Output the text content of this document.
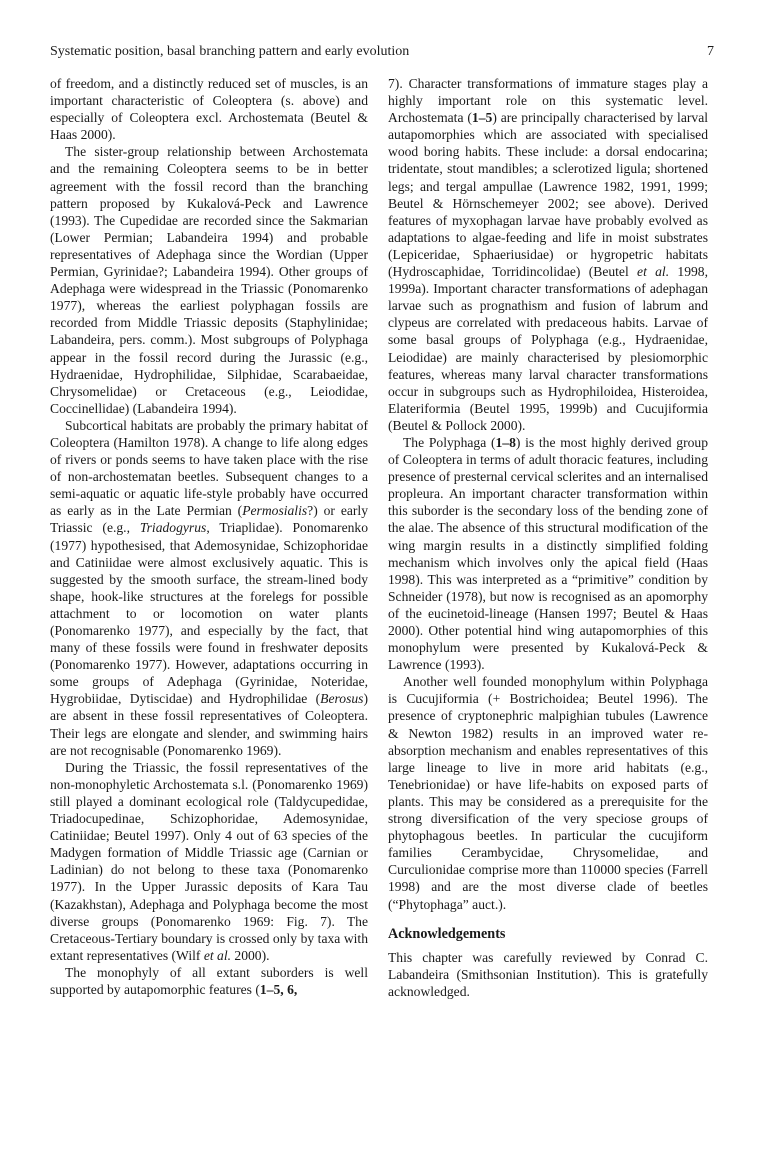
Systematic position, basal branching pattern and early evolution	7

of freedom, and a distinctly reduced set of muscles, is an important characteristic of Coleoptera (s. above) and especially of Coleoptera excl. Archostemata (Beutel & Haas 2000).

The sister-group relationship between Archostemata and the remaining Coleoptera seems to be in better agreement with the fossil record than the branching pattern proposed by Kukalová-Peck and Lawrence (1993). The Cupedidae are recorded since the Sakmarian (Lower Permian; Labandeira 1994) and probable representatives of Adephaga since the Wordian (Upper Permian, Gyrinidae?; Labandeira 1994). Other groups of Adephaga were widespread in the Triassic (Ponomarenko 1977), whereas the earliest polyphagan fossils are recorded from Middle Triassic deposits (Staphylinidae; Labandeira, pers. comm.). Most subgroups of Polyphaga appear in the fossil record during the Jurassic (e.g., Hydraenidae, Hydrophilidae, Silphidae, Scarabaeidae, Chrysomelidae) or Cretaceous (e.g., Leiodidae, Coccinellidae) (Labandeira 1994).

Subcortical habitats are probably the primary habitat of Coleoptera (Hamilton 1978). A change to life along edges of rivers or ponds seems to have taken place with the rise of non-archostematan beetles. Subsequent changes to a semi-aquatic or aquatic life-style probably have occurred as early as in the Late Permian (Permosialis?) or early Triassic (e.g., Triadogyrus, Triaplidae). Ponomarenko (1977) hypothesised, that Ademosynidae, Schizophoridae and Catiniidae were almost exclusively aquatic. This is suggested by the smooth surface, the stream-lined body shape, hook-like structures at the forelegs for possible attachment to or locomotion on water plants (Ponomarenko 1977), and especially by the fact, that many of these fossils were found in freshwater deposits (Ponomarenko 1977). However, adaptations occurring in some groups of Adephaga (Gyrinidae, Noteridae, Hygrobiidae, Dytiscidae) and Hydrophilidae (Berosus) are absent in these fossil representatives of Coleoptera. Their legs are elongate and slender, and swimming hairs are not recognisable (Ponomarenko 1969).

During the Triassic, the fossil representatives of the non-monophyletic Archostemata s.l. (Ponomarenko 1969) still played a dominant ecological role (Taldycupedidae, Triadocupedinae, Schizophoridae, Ademosynidae, Catiniidae; Beutel 1997). Only 4 out of 63 species of the Madygen formation of Middle Triassic age (Carnian or Ladinian) do not belong to these taxa (Ponomarenko 1977). In the Upper Jurassic deposits of Kara Tau (Kazakhstan), Adephaga and Polyphaga become the most diverse groups (Ponomarenko 1969: Fig. 7). The Cretaceous-Tertiary boundary is crossed only by taxa with extant representatives (Wilf et al. 2000).

The monophyly of all extant suborders is well supported by autapomorphic features (1–5, 6,

7). Character transformations of immature stages play a highly important role on this systematic level. Archostemata (1–5) are principally characterised by larval autapomorphies which are associated with specialised wood boring habits. These include: a dorsal endocarina; tridentate, stout mandibles; a sclerotized ligula; shortened legs; and tergal ampullae (Lawrence 1982, 1991, 1999; Beutel & Hörnschemeyer 2002; see above). Derived features of myxophagan larvae have probably evolved as adaptations to algae-feeding and life in moist substrates (Lepiceridae, Sphaeriusidae) or hygropetric habitats (Hydroscaphidae, Torridincolidae) (Beutel et al. 1998, 1999a). Important character transformations of adephagan larvae such as prognathism and fusion of labrum and clypeus are correlated with predaceous habits. Larvae of some basal groups of Polyphaga (e.g., Hydraenidae, Leiodidae) are mainly characterised by plesiomorphic features, whereas many larval character transformations occur in subgroups such as Hydrophiloidea, Histeroidea, Elateriformia (Beutel 1995, 1999b) and Cucujiformia (Beutel & Pollock 2000).

The Polyphaga (1–8) is the most highly derived group of Coleoptera in terms of adult thoracic features, including presence of presternal cervical sclerites and an internalised propleura. An important character transformation within this suborder is the secondary loss of the bending zone of the alae. The absence of this structural modification of the wing margin results in a distinctly simplified folding mechanism which involves only the apical field (Haas 1998). This was interpreted as a “primitive” condition by Schneider (1978), but now is recognised as an apomorphy of the eucinetoid-lineage (Hansen 1997; Beutel & Haas 2000). Other potential hind wing autapomorphies of this monophylum were presented by Kukalová-Peck & Lawrence (1993).

Another well founded monophylum within Polyphaga is Cucujiformia (+ Bostrichoidea; Beutel 1996). The presence of cryptonephric malpighian tubules (Lawrence & Newton 1982) results in an improved water re-absorption mechanism and enables representatives of this large lineage to live in more arid habitats (e.g., Tenebrionidae) or have life-habits on exposed parts of plants. This may be considered as a prerequisite for the strong diversification of the very speciose groups of phytophagous beetles. In particular the cucujiform families Cerambycidae, Chrysomelidae, and Curculionidae comprise more than 110000 species (Farrell 1998) and are the most diverse clade of beetles (“Phytophaga” auct.).

Acknowledgements

This chapter was carefully reviewed by Conrad C. Labandeira (Smithsonian Institution). This is gratefully acknowledged.
